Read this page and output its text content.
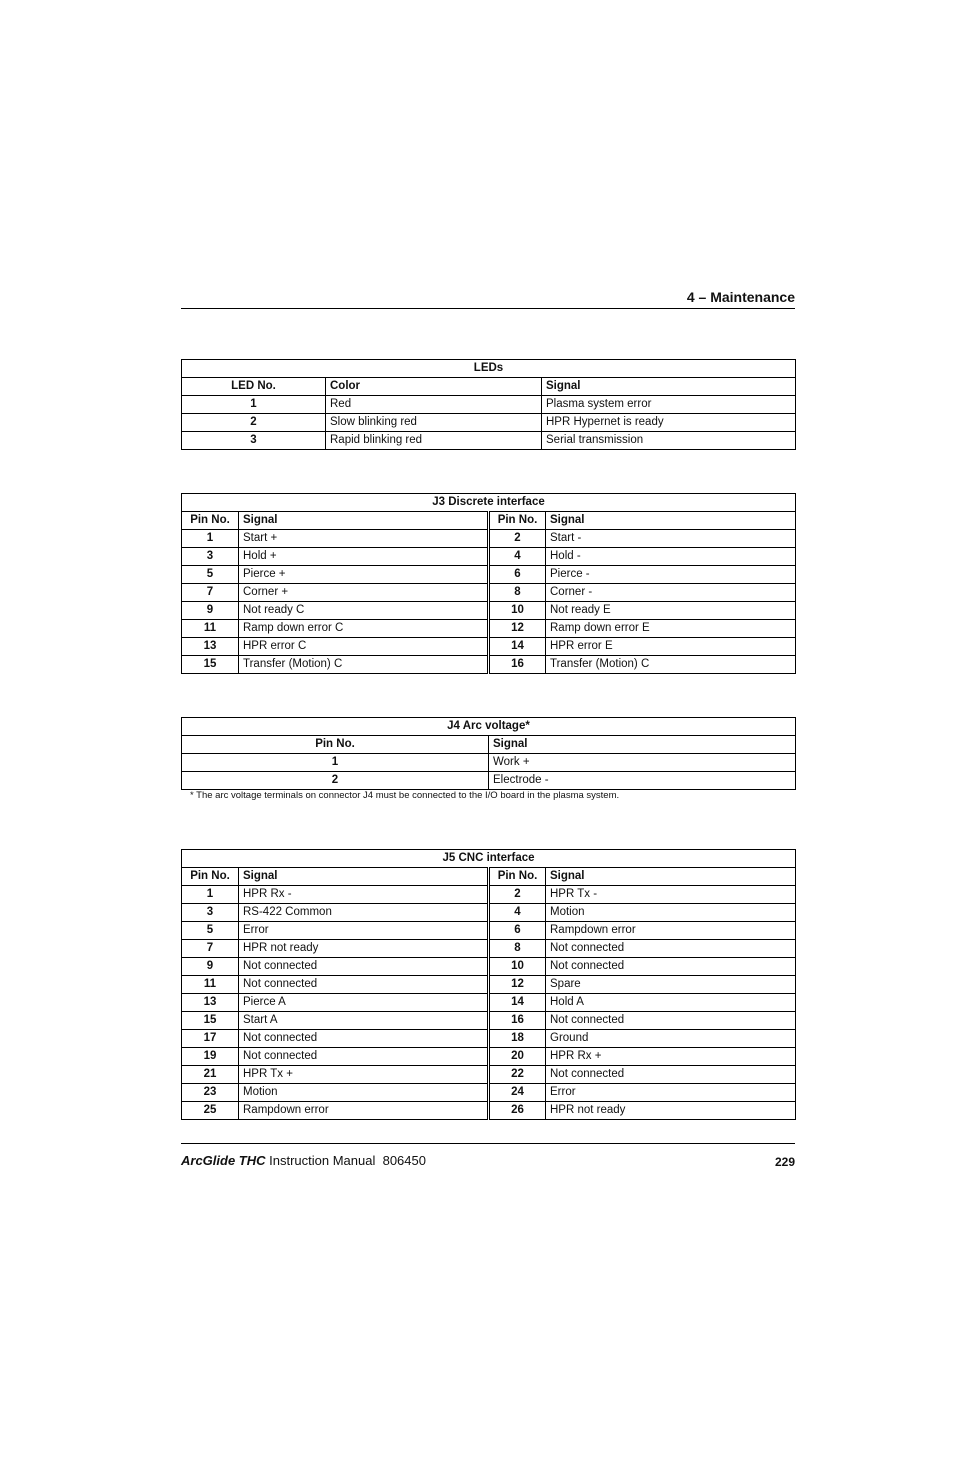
4 – Maintenance
LEDs		
LED No.	Color	Signal
1	Red	Plasma system error
2	Slow blinking red	HPR Hypernet is ready
3	Rapid blinking red	Serial transmission
J3 Discrete interface			
Pin No.	Signal	Pin No.	Signal
1	Start +	2	Start -
3	Hold +	4	Hold -
5	Pierce +	6	Pierce -
7	Corner +	8	Corner -
9	Not ready C	10	Not ready E
11	Ramp down error C	12	Ramp down error E
13	HPR error C	14	HPR error E
15	Transfer (Motion) C	16	Transfer (Motion) C
J4 Arc voltage*	
Pin No.	Signal
1	Work +
2	Electrode -
* The arc voltage terminals on connector J4 must be connected to the I/O board in the plasma system.
J5 CNC interface			
Pin No.	Signal	Pin No.	Signal
1	HPR Rx -	2	HPR Tx -
3	RS-422 Common	4	Motion
5	Error	6	Rampdown error
7	HPR not ready	8	Not connected
9	Not connected	10	Not connected
11	Not connected	12	Spare
13	Pierce A	14	Hold A
15	Start A	16	Not connected
17	Not connected	18	Ground
19	Not connected	20	HPR Rx +
21	HPR Tx +	22	Not connected
23	Motion	24	Error
25	Rampdown error	26	HPR not ready
ArcGlide THC Instruction Manual  806450	229
